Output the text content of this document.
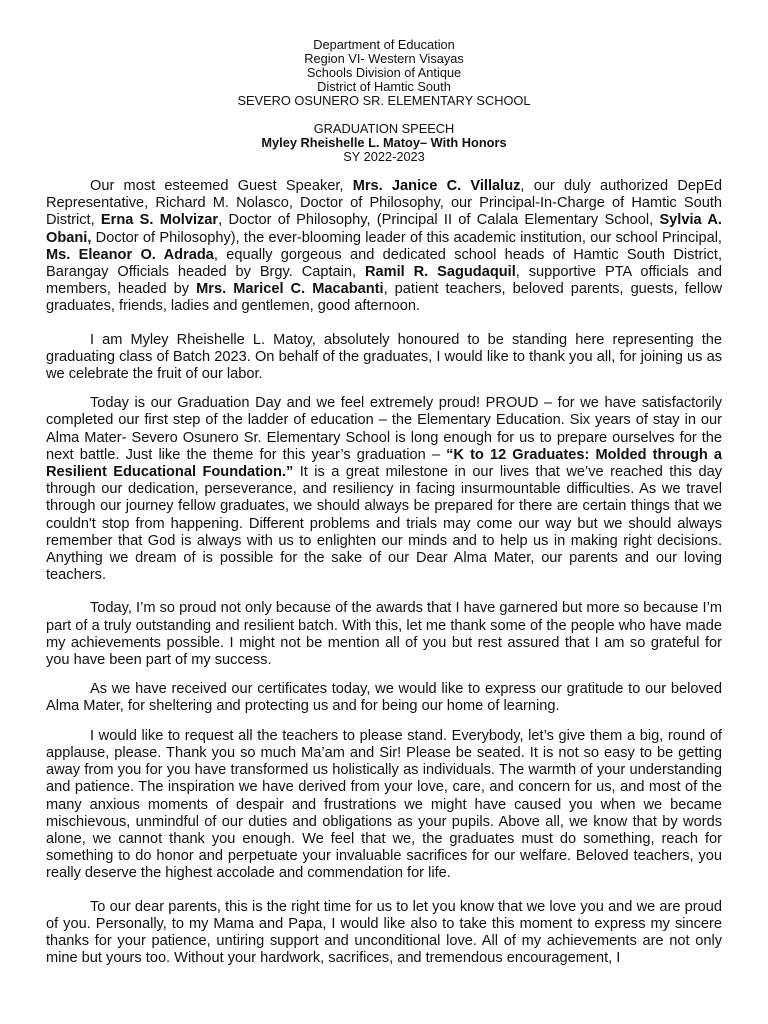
Department of Education
Region VI- Western Visayas
Schools Division of Antique
District of Hamtic South
SEVERO OSUNERO SR. ELEMENTARY SCHOOL
GRADUATION SPEECH
Myley Rheishelle L. Matoy– With Honors
SY 2022-2023

Our most esteemed Guest Speaker, Mrs. Janice C. Villaluz, our duly authorized DepEd Representative, Richard M. Nolasco, Doctor of Philosophy, our Principal-In-Charge of Hamtic South District, Erna S. Molvizar, Doctor of Philosophy, (Principal II of Calala Elementary School, Sylvia A. Obani, Doctor of Philosophy), the ever-blooming leader of this academic institution, our school Principal, Ms. Eleanor O. Adrada, equally gorgeous and dedicated school heads of Hamtic South District, Barangay Officials headed by Brgy. Captain, Ramil R. Sagudaquil, supportive PTA officials and members, headed by Mrs. Maricel C. Macabanti, patient teachers, beloved parents, guests, fellow graduates, friends, ladies and gentlemen, good afternoon.

I am Myley Rheishelle L. Matoy, absolutely honoured to be standing here representing the graduating class of Batch 2023. On behalf of the graduates, I would like to thank you all, for joining us as we celebrate the fruit of our labor.

Today is our Graduation Day and we feel extremely proud! PROUD – for we have satisfactorily completed our first step of the ladder of education – the Elementary Education. Six years of stay in our Alma Mater- Severo Osunero Sr. Elementary School is long enough for us to prepare ourselves for the next battle. Just like the theme for this year’s graduation – “K to 12 Graduates: Molded through a Resilient Educational Foundation.” It is a great milestone in our lives that we’ve reached this day through our dedication, perseverance, and resiliency in facing insurmountable difficulties. As we travel through our journey fellow graduates, we should always be prepared for there are certain things that we couldn't stop from happening. Different problems and trials may come our way but we should always remember that God is always with us to enlighten our minds and to help us in making right decisions. Anything we dream of is possible for the sake of our Dear Alma Mater, our parents and our loving teachers.

Today, I’m so proud not only because of the awards that I have garnered but more so because I’m part of a truly outstanding and resilient batch. With this, let me thank some of the people who have made my achievements possible. I might not be mention all of you but rest assured that I am so grateful for you have been part of my success.

As we have received our certificates today, we would like to express our gratitude to our beloved Alma Mater, for sheltering and protecting us and for being our home of learning.

I would like to request all the teachers to please stand. Everybody, let’s give them a big, round of applause, please. Thank you so much Ma’am and Sir! Please be seated. It is not so easy to be getting away from you for you have transformed us holistically as individuals. The warmth of your understanding and patience. The inspiration we have derived from your love, care, and concern for us, and most of the many anxious moments of despair and frustrations we might have caused you when we became mischievous, unmindful of our duties and obligations as your pupils. Above all, we know that by words alone, we cannot thank you enough. We feel that we, the graduates must do something, reach for something to do honor and perpetuate your invaluable sacrifices for our welfare. Beloved teachers, you really deserve the highest accolade and commendation for life.

To our dear parents, this is the right time for us to let you know that we love you and we are proud of you. Personally, to my Mama and Papa, I would like also to take this moment to express my sincere thanks for your patience, untiring support and unconditional love. All of my achievements are not only mine but yours too. Without your hardwork, sacrifices, and tremendous encouragement, I
